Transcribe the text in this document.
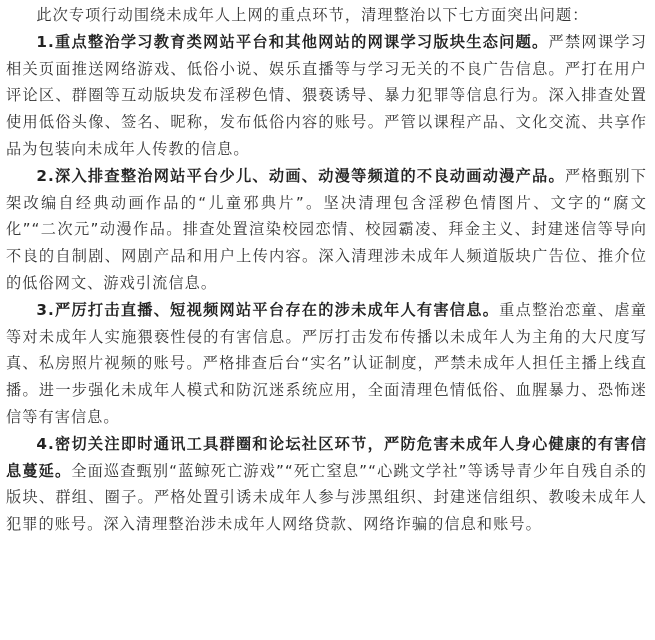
此次专项行动围绕未成年人上网的重点环节，清理整治以下七方面突出问题：

1.重点整治学习教育类网站平台和其他网站的网课学习版块生态问题。严禁网课学习相关页面推送网络游戏、低俗小说、娱乐直播等与学习无关的不良广告信息。严打在用户评论区、群圈等互动版块发布淫秽色情、猥亵诱导、暴力犯罪等信息行为。深入排查处置使用低俗头像、签名、昵称，发布低俗内容的账号。严管以课程产品、文化交流、共享作品为包装向未成年人传教的信息。

2.深入排查整治网站平台少儿、动画、动漫等频道的不良动画动漫产品。严格甄别下架改编自经典动画作品的“儿童邪典片”。坚决清理包含淫秽色情图片、文字的“腐文化”“二次元”动漫作品。排查处置渲染校园恋情、校园霸凌、拜金主义、封建迷信等导向不良的自制剧、网剧产品和用户上传内容。深入清理涉未成年人频道版块广告位、推介位的低俗网文、游戏引流信息。

3.严厉打击直播、短视频网站平台存在的涉未成年人有害信息。重点整治恋童、虐童等对未成年人实施猥亵性侵的有害信息。严厉打击发布传播以未成年人为主角的大尺度写真、私房照片视频的账号。严格排查后台“实名”认证制度，严禁未成年人担任主播上线直播。进一步强化未成年人模式和防沉迷系统应用，全面清理色情低俗、血腥暴力、恐怖迷信等有害信息。

4.密切关注即时通讯工具群圈和论坛社区环节，严防危害未成年人身心健康的有害信息蔓延。全面巡查甄别“蓝鲸死亡游戏”“死亡窒息”“心跳文学社”等诱导青少年自残自杀的版块、群组、圈子。严格处置引诱未成年人参与涉黑组织、封建迷信组织、教唆未成年人犯罪的账号。深入清理整治涉未成年人网络贷款、网络诈骗的信息和账号。
